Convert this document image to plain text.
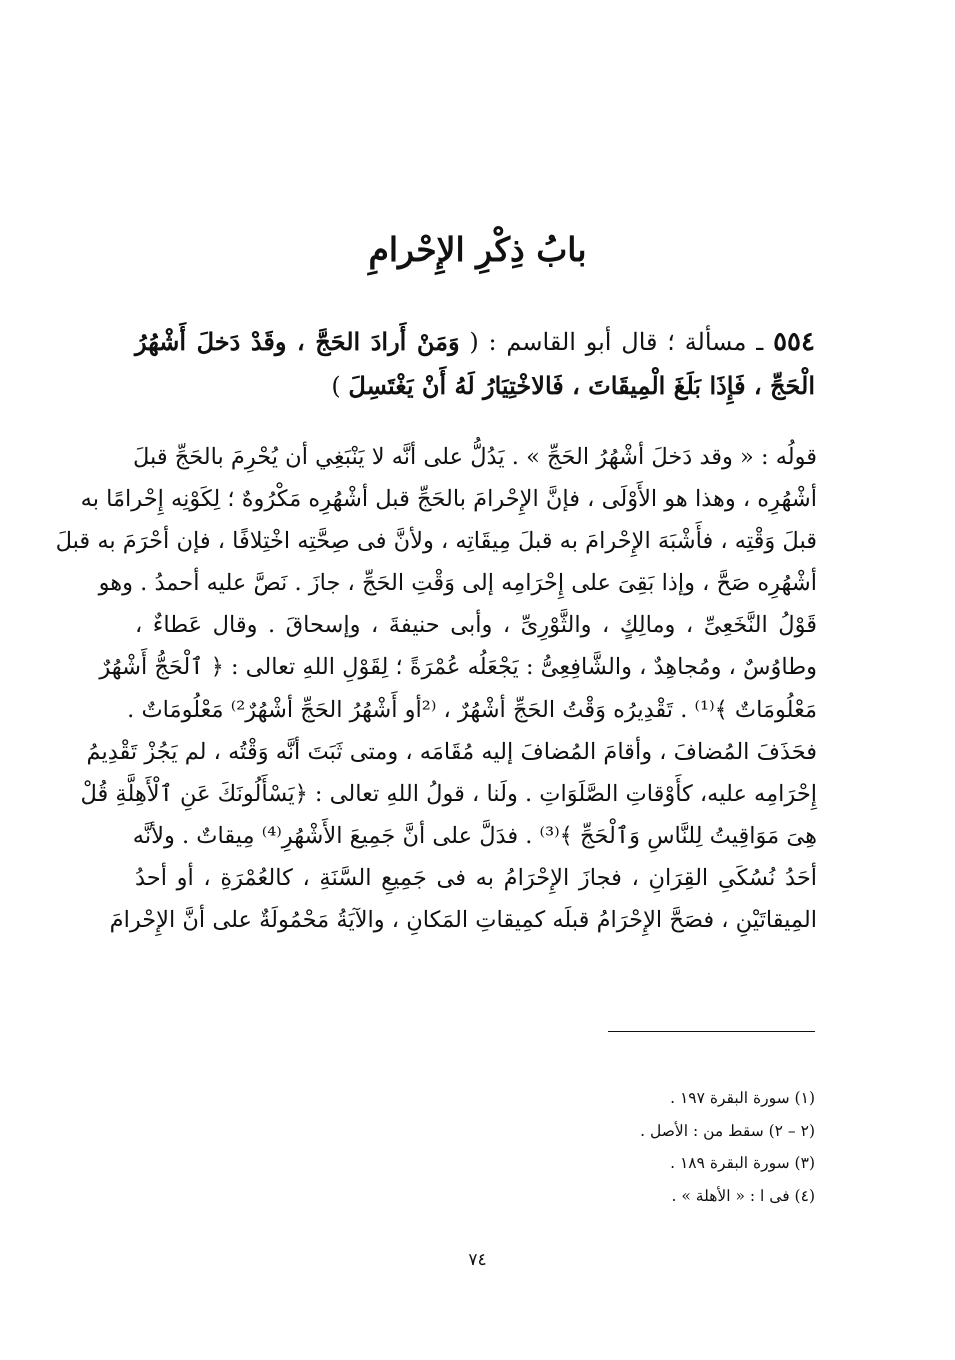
بابُ ذِكْرِ الإِحْرامِ
٥٥٤ ـ مسألة ؛ قال أبو القاسم : ( وَمَنْ أَرادَ الحَجَّ ، وقَدْ دَخلَ أَشْهُرُ الْحَجِّ ، فَإِذَا بَلَغَ الْمِيقَاتَ ، فَالاخْتِيَارُ لَهُ أَنْ يَغْتَسِلَ )
قولُه : « وقد دَخلَ أشْهُرُ الحَجِّ » . يَدُلُّ على أنَّه لا يَنْبَغِي أن يُحْرِمَ بالحَجِّ قبلَ
أشْهُرِه ، وهذا هو الأَوْلَى ، فإنَّ الإِحْرامَ بالحَجِّ قبل أشْهُرِه مَكْرُوهٌ ؛ لِكَوْنِه إِحْرامًا به
قبلَ وَقْتِه ، فأَشْبَهَ الإِحْرامَ به قبلَ مِيقَاتِه ، ولأنَّ فى صِحَّتِه اخْتِلافًا ، فإن أحْرَمَ به قبلَ
أشْهُرِه صَحَّ ، وإذا بَقِىَ على إِحْرَامِه إلى وَقْتِ الحَجِّ ، جازَ . نَصَّ عليه أحمدُ . وهو
قَوْلُ النَّخَعِىِّ ، ومالِكٍ ، والثَّوْرِىِّ ، وأبى حنيفةَ ، وإسحاقَ . وقال عَطاءٌ ،
وطاوُسٌ ، ومُجاهِدٌ ، والشَّافِعِىُّ : يَجْعَلُه عُمْرَةً ؛ لِقَوْلِ اللهِ تعالى : ﴿ ٱلْحَجُّ أَشْهُرٌ
مَعْلُومَاتٌ ﴾⁽¹⁾ . تَقْدِيرُه وَقْتُ الحَجِّ أشْهُرٌ ، ⁽²أو أَشْهُرُ الحَجِّ أشْهُرٌ²⁾ مَعْلُومَاتٌ .
فحَذَفَ المُضافَ ، وأقامَ المُضافَ إليه مُقَامَه ، ومتى ثَبَتَ أنَّه وَقْتُه ، لم يَجُزْ تَقْدِيمُ
إِحْرَامِه عليه، كأَوْقاتِ الصَّلَوَاتِ . ولَنا ، قولُ اللهِ تعالى : ﴿يَسْأَلُونَكَ عَنِ ٱلْأَهِلَّةِ قُلْ
هِىَ مَوَاقِيتُ لِلنَّاسِ وَٱلْحَجِّ ﴾⁽³⁾ . فدَلَّ على أنَّ جَمِيعَ الأَشْهُرِ⁽⁴⁾ مِيقاتٌ . ولأنَّه
أحَدُ نُسُكَىِ القِرَانِ ، فجازَ الإِحْرَامُ به فى جَمِيعِ السَّنَةِ ، كالعُمْرَةِ ، أو أحدُ
المِيقاتَيْنِ ، فصَحَّ الإِحْرَامُ قبلَه كمِيقاتِ المَكانِ ، والآيَةُ مَحْمُولَةٌ على أنَّ الإِحْرامَ
(١) سورة البقرة ١٩٧ .
(٢ – ٢) سقط من : الأصل .
(٣) سورة البقرة ١٨٩ .
(٤) فى ا : « الأهلة » .
٧٤
